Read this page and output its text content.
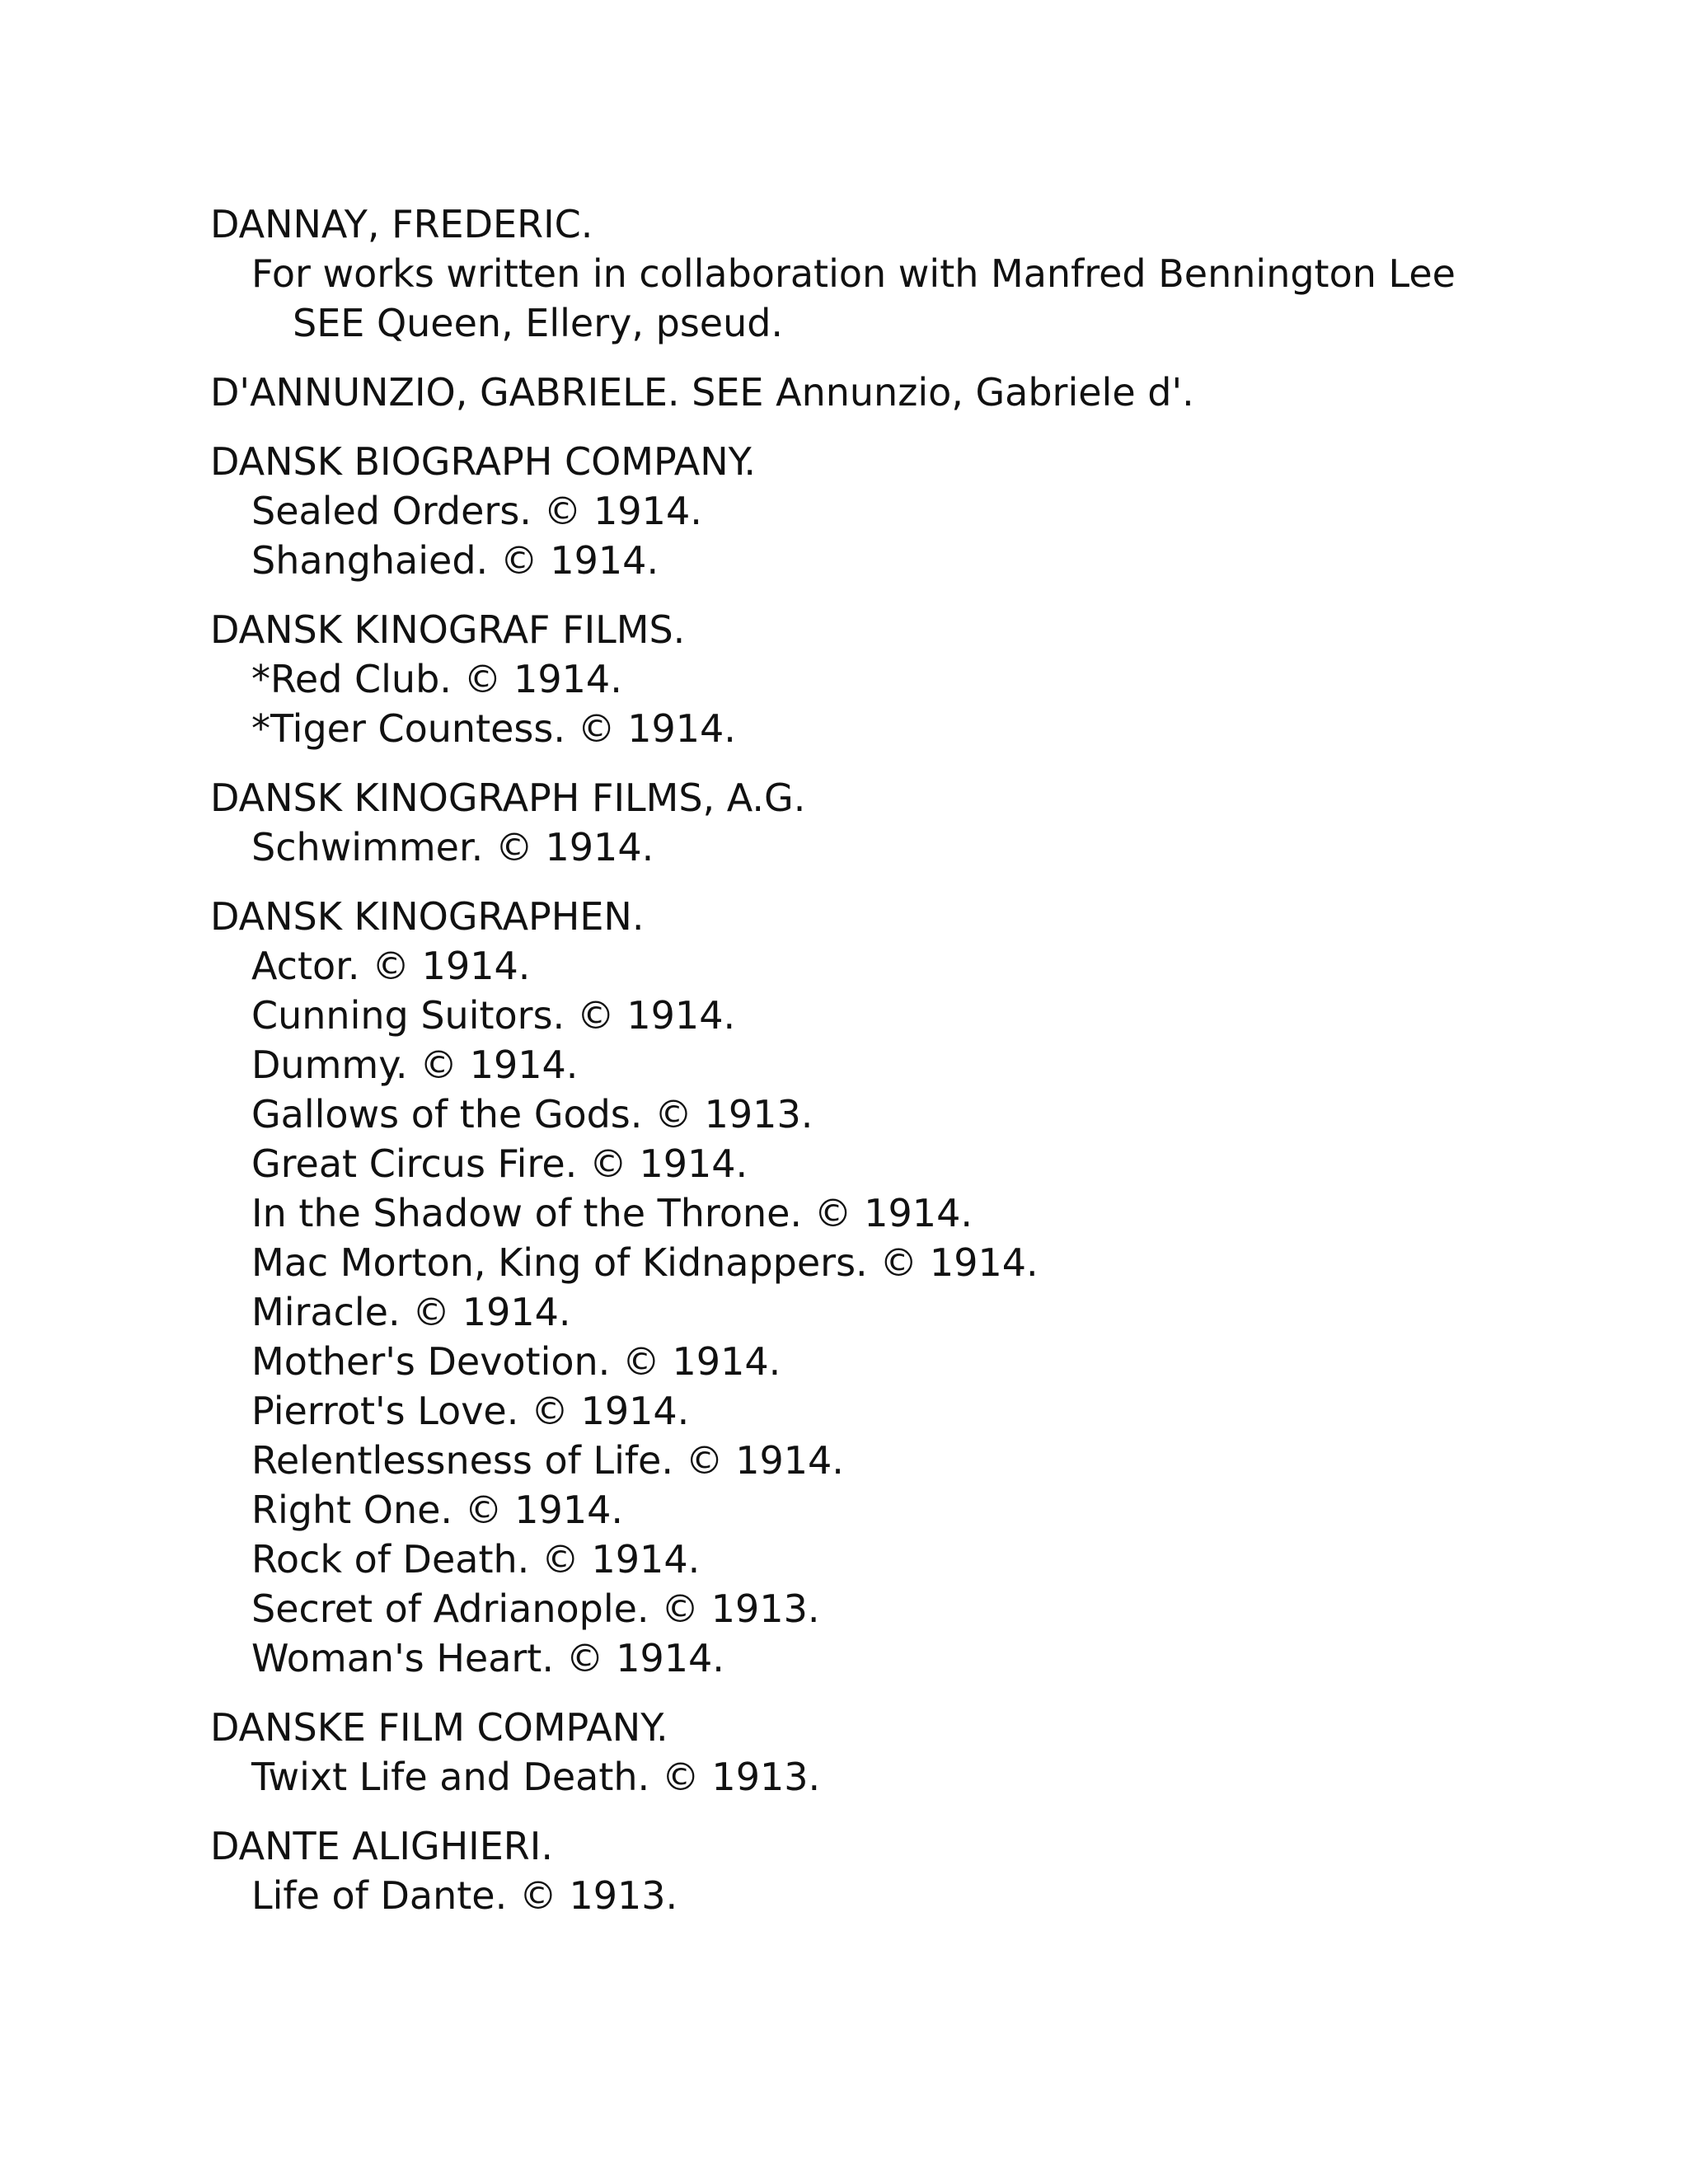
DANNAY, FREDERIC.
For works written in collaboration with Manfred Bennington Lee
SEE Queen, Ellery, pseud.
D'ANNUNZIO, GABRIELE. SEE Annunzio, Gabriele d'.
DANSK BIOGRAPH COMPANY.
Sealed Orders. © 1914.
Shanghaied. © 1914.
DANSK KINOGRAF FILMS.
*Red Club. © 1914.
*Tiger Countess. © 1914.
DANSK KINOGRAPH FILMS, A.G.
Schwimmer. © 1914.
DANSK KINOGRAPHEN.
Actor. © 1914.
Cunning Suitors. © 1914.
Dummy. © 1914.
Gallows of the Gods. © 1913.
Great Circus Fire. © 1914.
In the Shadow of the Throne. © 1914.
Mac Morton, King of Kidnappers. © 1914.
Miracle. © 1914.
Mother's Devotion. © 1914.
Pierrot's Love. © 1914.
Relentlessness of Life. © 1914.
Right One. © 1914.
Rock of Death. © 1914.
Secret of Adrianople. © 1913.
Woman's Heart. © 1914.
DANSKE FILM COMPANY.
Twixt Life and Death. © 1913.
DANTE ALIGHIERI.
Life of Dante. © 1913.
